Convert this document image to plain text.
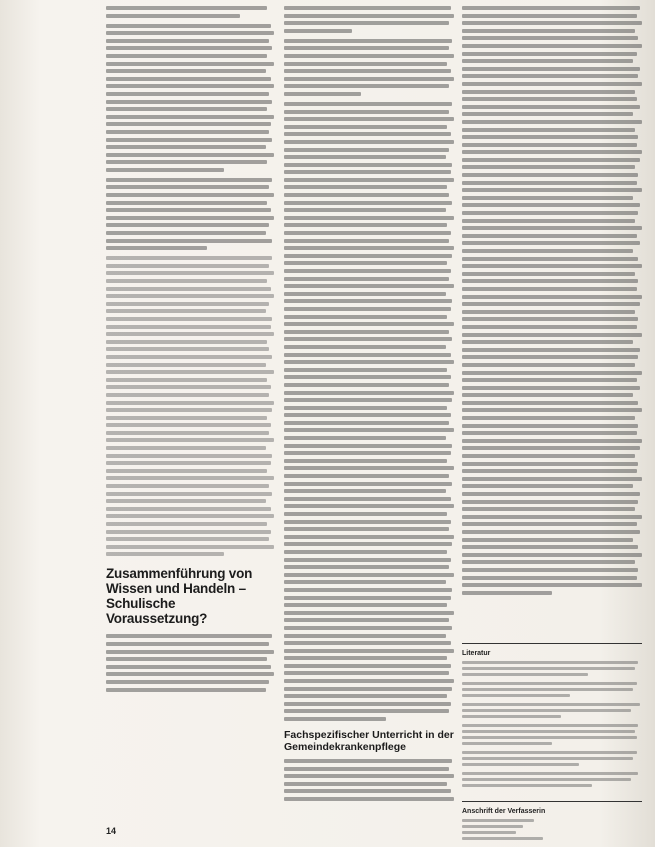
Zusammenführung von Wissen und Handeln – Schulische Voraussetzung?
Fachspezifischer Unterricht in der Gemeindekrankenpflege
Literatur
Anschrift der Verfasserin
14
